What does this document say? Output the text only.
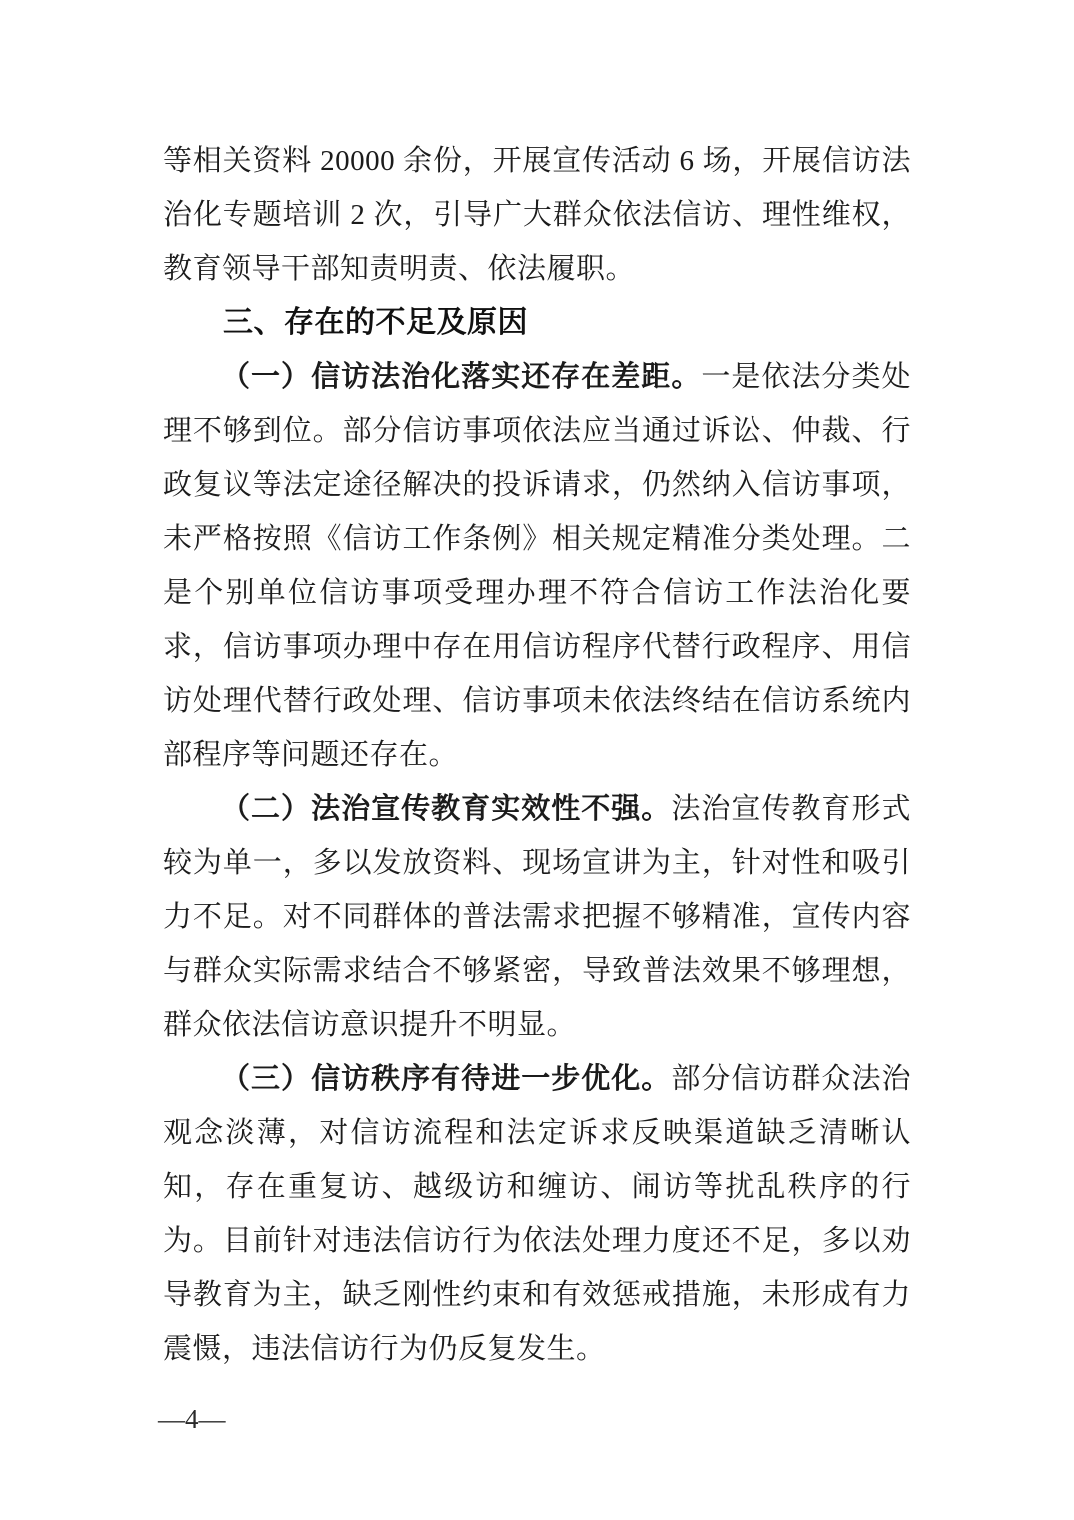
等相关资料 20000 余份，开展宣传活动 6 场，开展信访法治化专题培训 2 次，引导广大群众依法信访、理性维权，教育领导干部知责明责、依法履职。

三、存在的不足及原因

（一）信访法治化落实还存在差距。一是依法分类处理不够到位。部分信访事项依法应当通过诉讼、仲裁、行政复议等法定途径解决的投诉请求，仍然纳入信访事项，未严格按照《信访工作条例》相关规定精准分类处理。二是个别单位信访事项受理办理不符合信访工作法治化要求，信访事项办理中存在用信访程序代替行政程序、用信访处理代替行政处理、信访事项未依法终结在信访系统内部程序等问题还存在。

（二）法治宣传教育实效性不强。法治宣传教育形式较为单一，多以发放资料、现场宣讲为主，针对性和吸引力不足。对不同群体的普法需求把握不够精准，宣传内容与群众实际需求结合不够紧密，导致普法效果不够理想，群众依法信访意识提升不明显。

（三）信访秩序有待进一步优化。部分信访群众法治观念淡薄，对信访流程和法定诉求反映渠道缺乏清晰认知，存在重复访、越级访和缠访、闹访等扰乱秩序的行为。目前针对违法信访行为依法处理力度还不足，多以劝导教育为主，缺乏刚性约束和有效惩戒措施，未形成有力震慑，违法信访行为仍反复发生。

—4—
